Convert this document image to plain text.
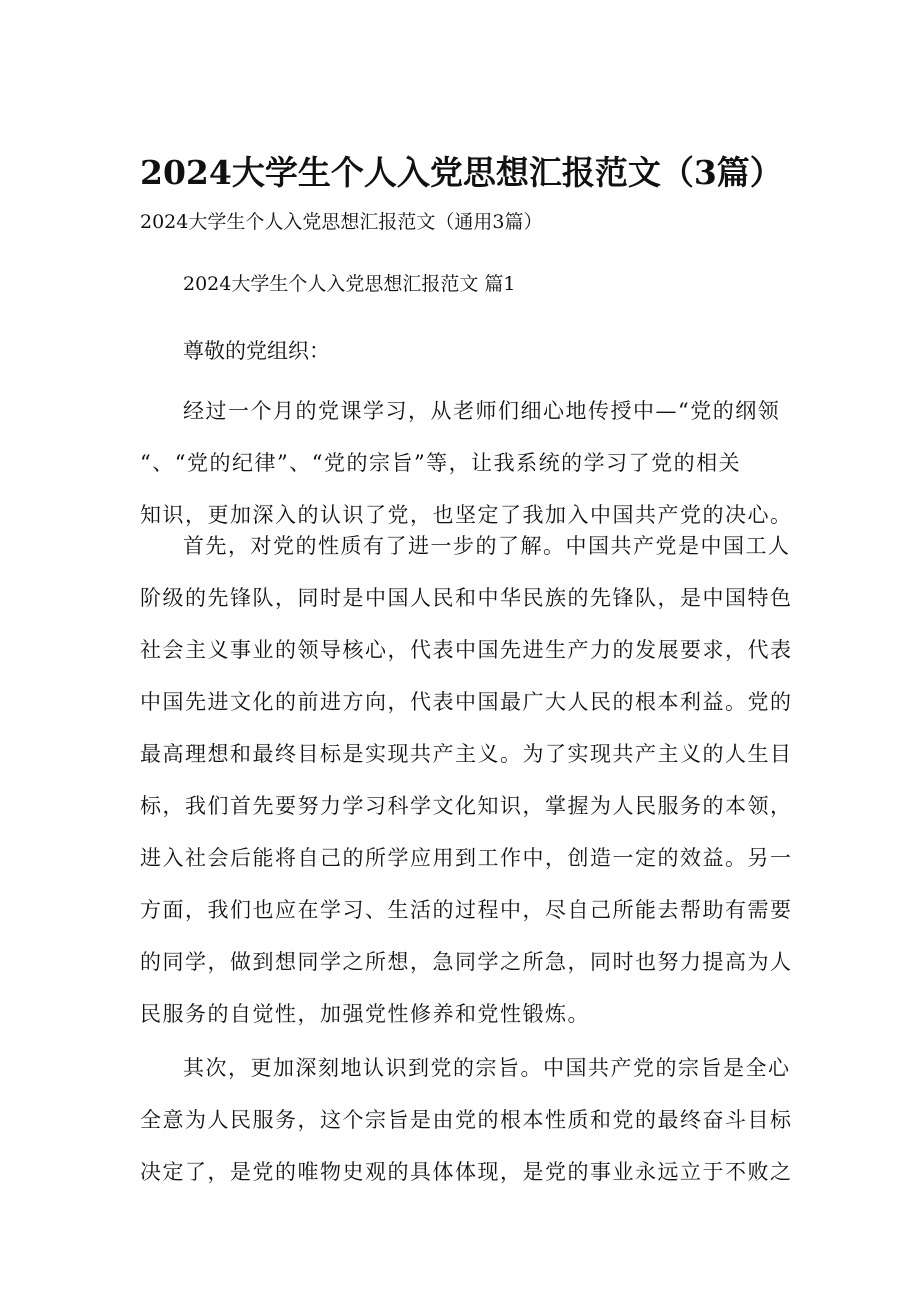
2024大学生个人入党思想汇报范文（3篇）
2024大学生个人入党思想汇报范文（通用3篇）
2024大学生个人入党思想汇报范文 篇1
尊敬的党组织：
经过一个月的党课学习，从老师们细心地传授中—“党的纲领
“、“党的纪律”、“党的宗旨”等，让我系统的学习了党的相关
知识，更加深入的认识了党，也坚定了我加入中国共产党的决心。
首先，对党的性质有了进一步的了解。中国共产党是中国工人
阶级的先锋队，同时是中国人民和中华民族的先锋队，是中国特色
社会主义事业的领导核心，代表中国先进生产力的发展要求，代表
中国先进文化的前进方向，代表中国最广大人民的根本利益。党的
最高理想和最终目标是实现共产主义。为了实现共产主义的人生目
标，我们首先要努力学习科学文化知识，掌握为人民服务的本领，
进入社会后能将自己的所学应用到工作中，创造一定的效益。另一
方面，我们也应在学习、生活的过程中，尽自己所能去帮助有需要
的同学，做到想同学之所想，急同学之所急，同时也努力提高为人
民服务的自觉性，加强党性修养和党性锻炼。
其次，更加深刻地认识到党的宗旨。中国共产党的宗旨是全心
全意为人民服务，这个宗旨是由党的根本性质和党的最终奋斗目标
决定了，是党的唯物史观的具体体现，是党的事业永远立于不败之
